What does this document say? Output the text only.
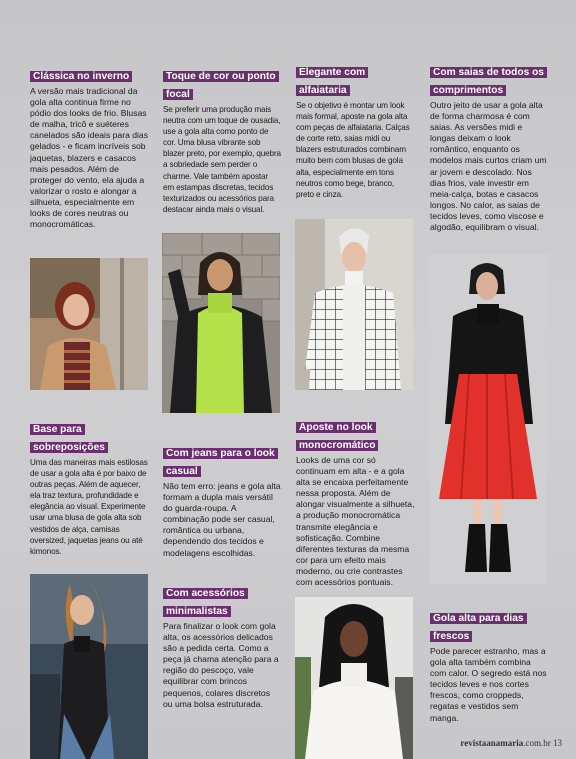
Clássica no inverno

A versão mais tradicional da gola alta continua firme no pódio dos looks de frio. Blusas de malha, tricô e suéteres canelados são ideais para dias gelados - e ficam incríveis sob jaquetas, blazers e casacos mais pesados. Além de proteger do vento, ela ajuda a valorizar o rosto e alongar a silhueta, especialmente em looks de cores neutras ou monocromáticas.

Base para sobreposições

Uma das maneiras mais estilosas de usar a gola alta é por baixo de outras peças. Além de aquecer, ela traz textura, profundidade e elegância ao visual. Experimente usar uma blusa de gola alta sob vestidos de alça, camisas oversized, jaquetas jeans ou até kimonos.

Toque de cor ou ponto focal

Se preferir uma produção mais neutra com um toque de ousadia, use a gola alta como ponto de cor. Uma blusa vibrante sob blazer preto, por exemplo, quebra a sobriedade sem perder o charme. Vale também apostar em estampas discretas, tecidos texturizados ou acessórios para destacar ainda mais o visual.

Com jeans para o look casual

Não tem erro: jeans e gola alta formam a dupla mais versátil do guarda-roupa. A combinação pode ser casual, romântica ou urbana, dependendo dos tecidos e modelagens escolhidas.

Com acessórios minimalistas

Para finalizar o look com gola alta, os acessórios delicados são a pedida certa. Como a peça já chama atenção para a região do pescoço, vale equilibrar com brincos pequenos, colares discretos ou uma bolsa estruturada.

Elegante com alfaiataria

Se o objetivo é montar um look mais formal, aposte na gola alta com peças de alfaiataria. Calças de corte reto, saias midi ou blazers estruturados combinam muito bem com blusas de gola alta, especialmente em tons neutros como bege, branco, preto e cinza.

Aposte no look monocromático

Looks de uma cor só continuam em alta - e a gola alta se encaixa perfeitamente nessa proposta. Além de alongar visualmente a silhueta, a produção monocromática transmite elegância e sofisticação. Combine diferentes texturas da mesma cor para um efeito mais moderno, ou crie contrastes com acessórios pontuais.

Com saias de todos os comprimentos

Outro jeito de usar a gola alta de forma charmosa é com saias. As versões midi e longas deixam o look romântico, enquanto os modelos mais curtos criam um ar jovem e descolado. Nos dias frios, vale investir em meia-calça, botas e casacos longos. No calor, as saias de tecidos leves, como viscose e algodão, equilibram o visual.

Gola alta para dias frescos

Pode parecer estranho, mas a gola alta também combina com calor. O segredo está nos tecidos leves e nos cortes frescos, como croppeds, regatas e vestidos sem manga.

revistaanamaria.com.br 13
